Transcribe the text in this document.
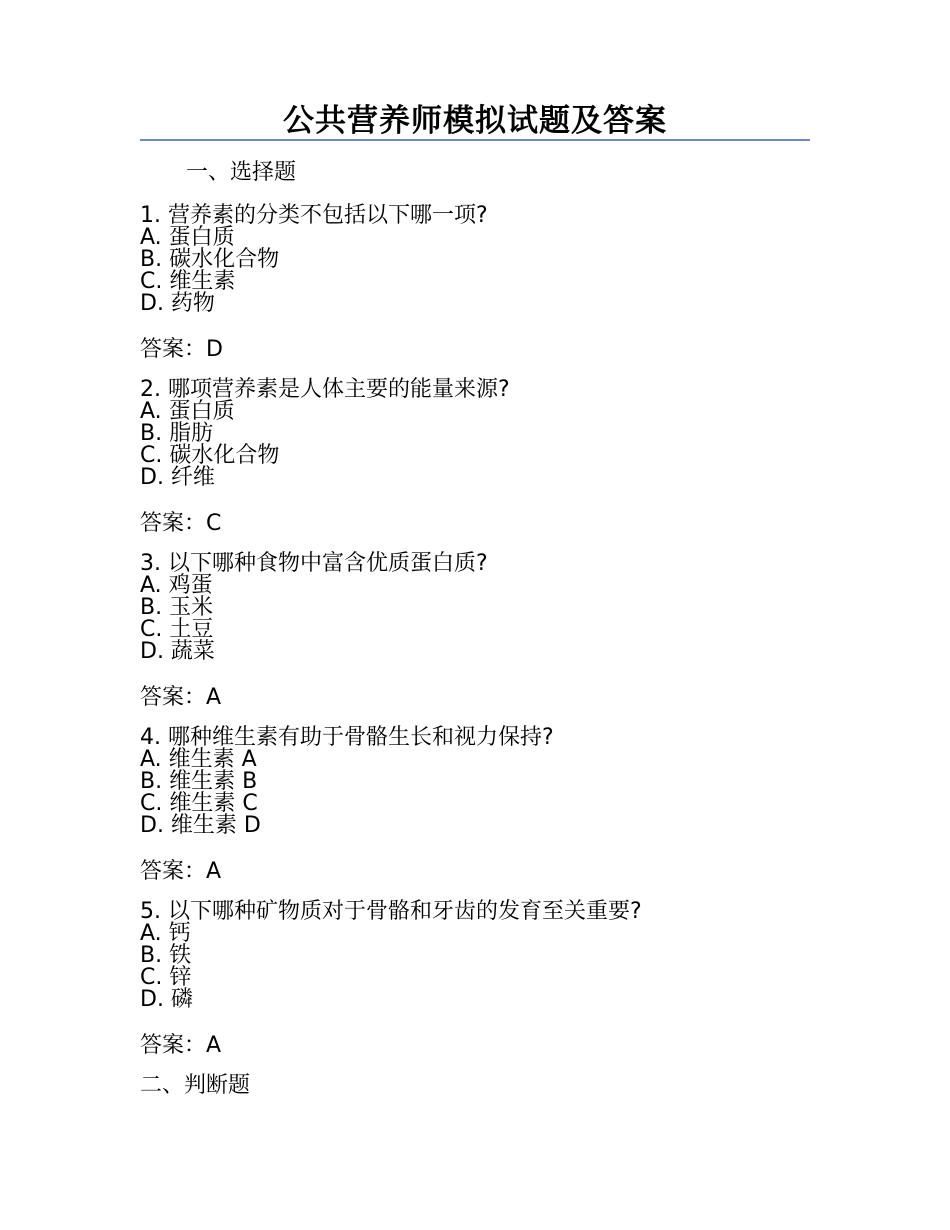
公共营养师模拟试题及答案
一、选择题
1. 营养素的分类不包括以下哪一项?
A. 蛋白质
B. 碳水化合物
C. 维生素
D. 药物
答案：D
2. 哪项营养素是人体主要的能量来源?
A. 蛋白质
B. 脂肪
C. 碳水化合物
D. 纤维
答案：C
3. 以下哪种食物中富含优质蛋白质?
A. 鸡蛋
B. 玉米
C. 土豆
D. 蔬菜
答案：A
4. 哪种维生素有助于骨骼生长和视力保持?
A. 维生素 A
B. 维生素 B
C. 维生素 C
D. 维生素 D
答案：A
5. 以下哪种矿物质对于骨骼和牙齿的发育至关重要?
A. 钙
B. 铁
C. 锌
D. 磷
答案：A
二、判断题
